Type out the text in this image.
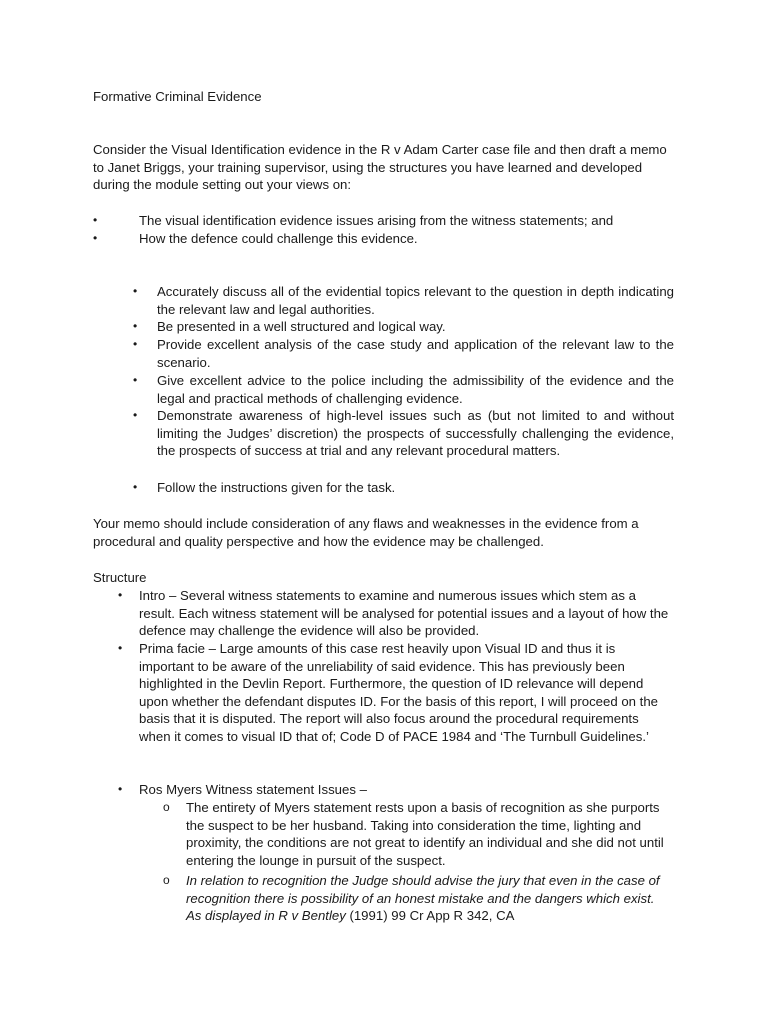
Formative Criminal Evidence

Consider the Visual Identification evidence in the R v Adam Carter case file and then draft a memo to Janet Briggs, your training supervisor, using the structures you have learned and developed during the module setting out your views on:

•	The visual identification evidence issues arising from the witness statements; and

•	How the defence could challenge this evidence.

• Accurately discuss all of the evidential topics relevant to the question in depth indicating the relevant law and legal authorities.

• Be presented in a well structured and logical way.

• Provide excellent analysis of the case study and application of the relevant law to the scenario.

• Give excellent advice to the police including the admissibility of the evidence and the legal and practical methods of challenging evidence.

• Demonstrate awareness of high-level issues such as (but not limited to and without limiting the Judges’ discretion) the prospects of successfully challenging the evidence, the prospects of success at trial and any relevant procedural matters.

• Follow the instructions given for the task.

Your memo should include consideration of any flaws and weaknesses in the evidence from a procedural and quality perspective and how the evidence may be challenged.

Structure

• Intro – Several witness statements to examine and numerous issues which stem as a result. Each witness statement will be analysed for potential issues and a layout of how the defence may challenge the evidence will also be provided.

• Prima facie – Large amounts of this case rest heavily upon Visual ID and thus it is important to be aware of the unreliability of said evidence. This has previously been highlighted in the Devlin Report. Furthermore, the question of ID relevance will depend upon whether the defendant disputes ID. For the basis of this report, I will proceed on the basis that it is disputed. The report will also focus around the procedural requirements when it comes to visual ID that of; Code D of PACE 1984 and ‘The Turnbull Guidelines.’

• Ros Myers Witness statement Issues –

o The entirety of Myers statement rests upon a basis of recognition as she purports the suspect to be her husband. Taking into consideration the time, lighting and proximity, the conditions are not great to identify an individual and she did not until entering the lounge in pursuit of the suspect.

o In relation to recognition the Judge should advise the jury that even in the case of recognition there is possibility of an honest mistake and the dangers which exist. As displayed in R v Bentley (1991) 99 Cr App R 342, CA
